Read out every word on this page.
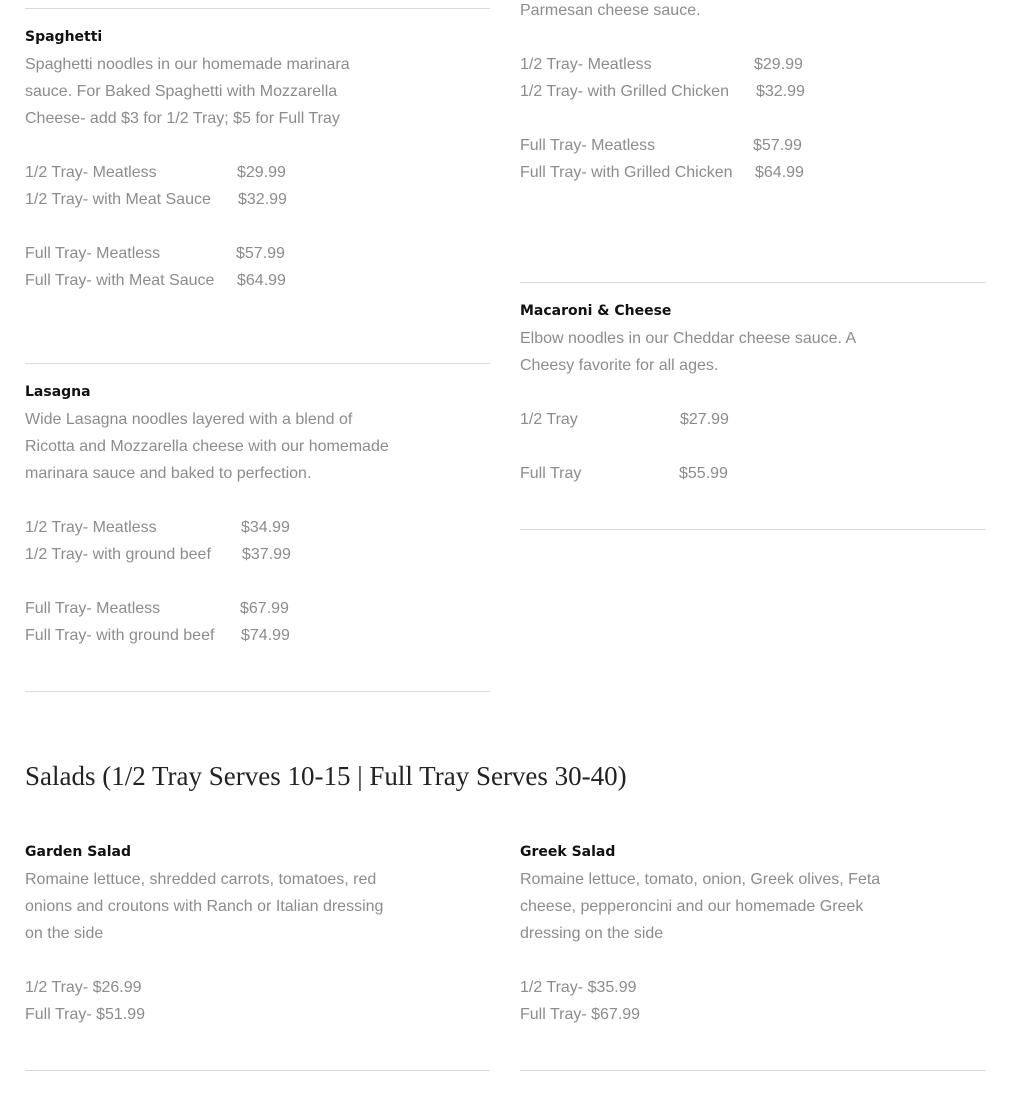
Parmesan cheese sauce.
1/2 Tray- Meatless	$29.99
1/2 Tray- with Grilled Chicken $32.99
Full Tray- Meatless	$57.99
Full Tray- with Grilled Chicken $64.99
Spaghetti
Spaghetti noodles in our homemade marinara
sauce. For Baked Spaghetti with Mozzarella
Cheese- add $3 for 1/2 Tray; $5 for Full Tray
1/2 Tray- Meatless	$29.99
1/2 Tray- with Meat Sauce $32.99
Full Tray- Meatless	$57.99
Full Tray- with Meat Sauce $64.99
Macaroni & Cheese
Elbow noodles in our Cheddar cheese sauce. A
Cheesy favorite for all ages.
1/2 Tray	$27.99
Full Tray	$55.99
Lasagna
Wide Lasagna noodles layered with a blend of
Ricotta and Mozzarella cheese with our homemade
marinara sauce and baked to perfection.
1/2 Tray- Meatless	$34.99
1/2 Tray- with ground beef $37.99
Full Tray- Meatless	$67.99
Full Tray- with ground beef $74.99
Salads (1/2 Tray Serves 10-15 | Full Tray Serves 30-40)
Garden Salad
Romaine lettuce, shredded carrots, tomatoes, red
onions and croutons with Ranch or Italian dressing
on the side
1/2 Tray- $26.99
Full Tray- $51.99
Greek Salad
Romaine lettuce, tomato, onion, Greek olives, Feta
cheese, pepperoncini and our homemade Greek
dressing on the side
1/2 Tray- $35.99
Full Tray- $67.99
